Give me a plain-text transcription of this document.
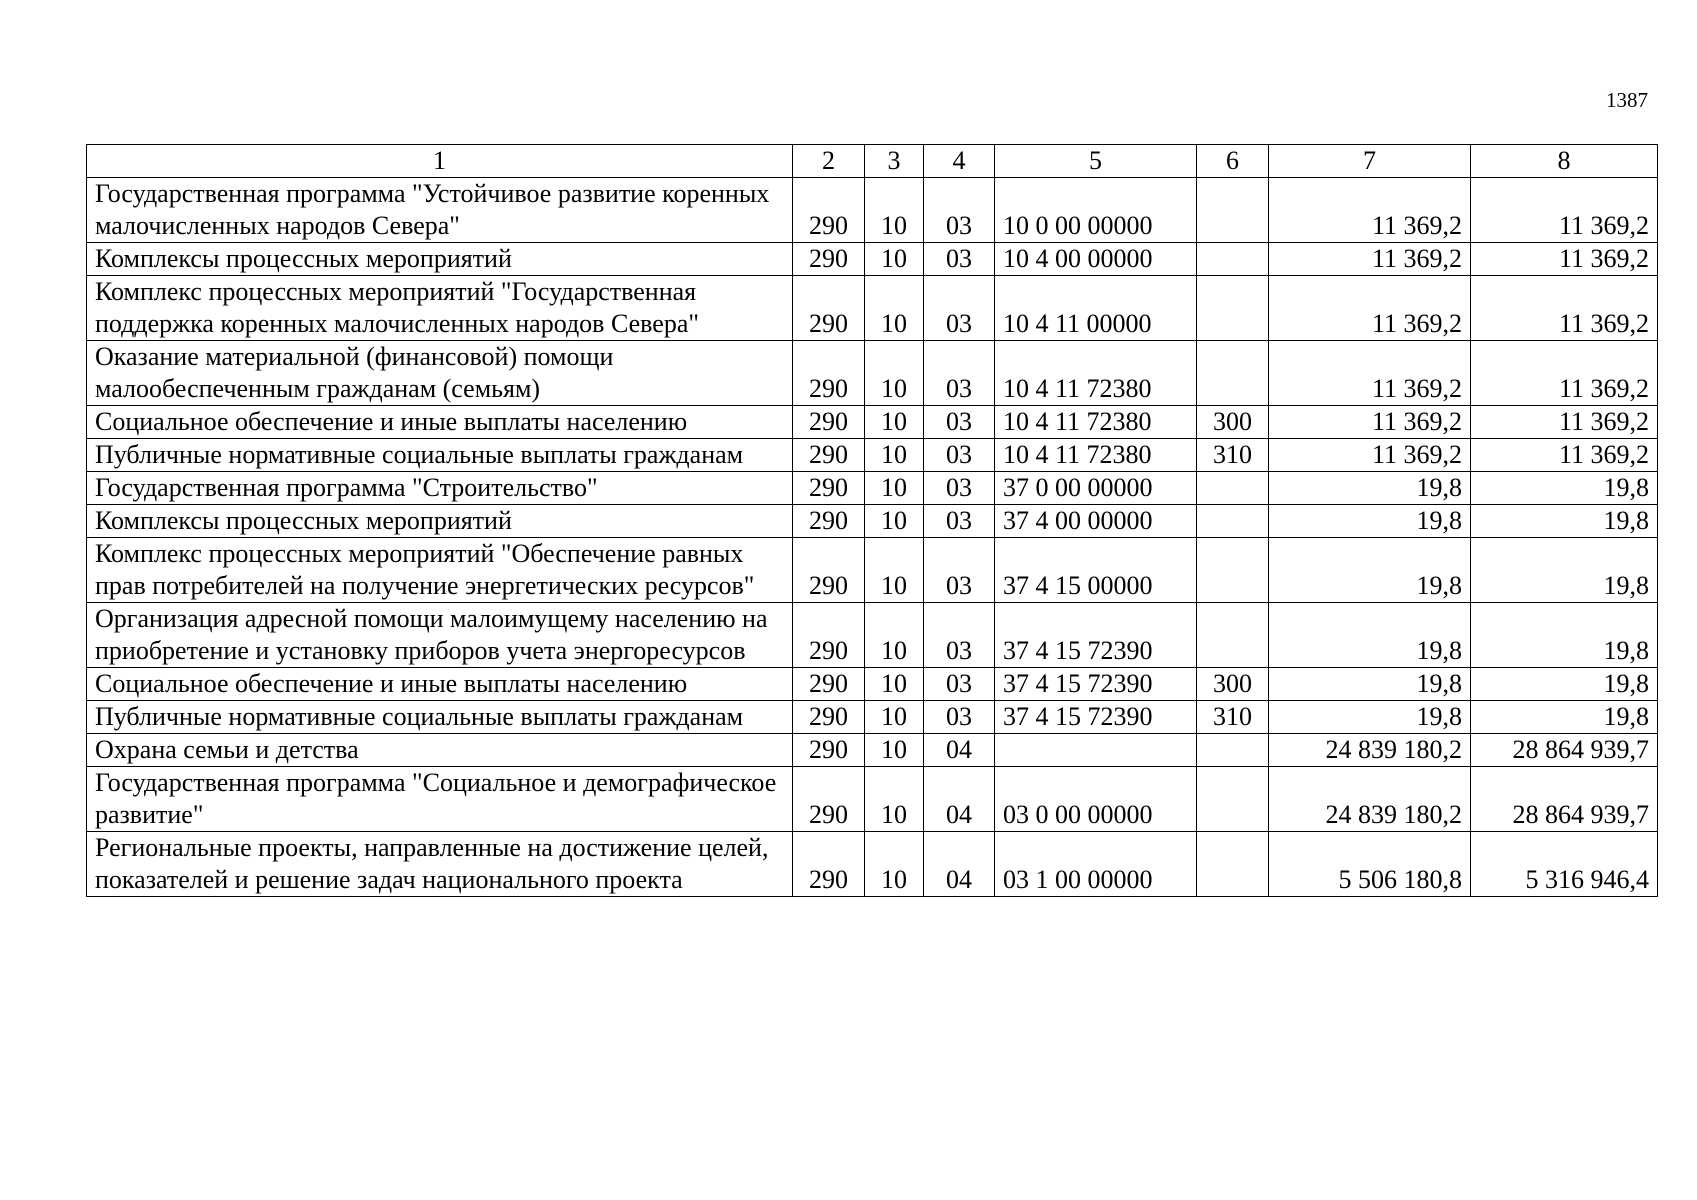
1387
1	2	3	4	5	6	7	8
Государственная программа "Устойчивое развитие коренных малочисленных народов Севера"	290	10	03	10 0 00 00000		11 369,2	11 369,2
Комплексы процессных мероприятий	290	10	03	10 4 00 00000		11 369,2	11 369,2
Комплекс процессных мероприятий "Государственная поддержка коренных малочисленных народов Севера"	290	10	03	10 4 11 00000		11 369,2	11 369,2
Оказание материальной (финансовой) помощи малообеспеченным гражданам (семьям)	290	10	03	10 4 11 72380		11 369,2	11 369,2
Социальное обеспечение и иные выплаты населению	290	10	03	10 4 11 72380	300	11 369,2	11 369,2
Публичные нормативные социальные выплаты гражданам	290	10	03	10 4 11 72380	310	11 369,2	11 369,2
Государственная программа "Строительство"	290	10	03	37 0 00 00000		19,8	19,8
Комплексы процессных мероприятий	290	10	03	37 4 00 00000		19,8	19,8
Комплекс процессных мероприятий "Обеспечение равных прав потребителей на получение энергетических ресурсов"	290	10	03	37 4 15 00000		19,8	19,8
Организация адресной помощи малоимущему населению на приобретение и установку приборов учета энергоресурсов	290	10	03	37 4 15 72390		19,8	19,8
Социальное обеспечение и иные выплаты населению	290	10	03	37 4 15 72390	300	19,8	19,8
Публичные нормативные социальные выплаты гражданам	290	10	03	37 4 15 72390	310	19,8	19,8
Охрана семьи и детства	290	10	04			24 839 180,2	28 864 939,7
Государственная программа "Социальное и демографическое развитие"	290	10	04	03 0 00 00000		24 839 180,2	28 864 939,7
Региональные проекты, направленные на достижение целей, показателей и решение задач национального проекта	290	10	04	03 1 00 00000		5 506 180,8	5 316 946,4
